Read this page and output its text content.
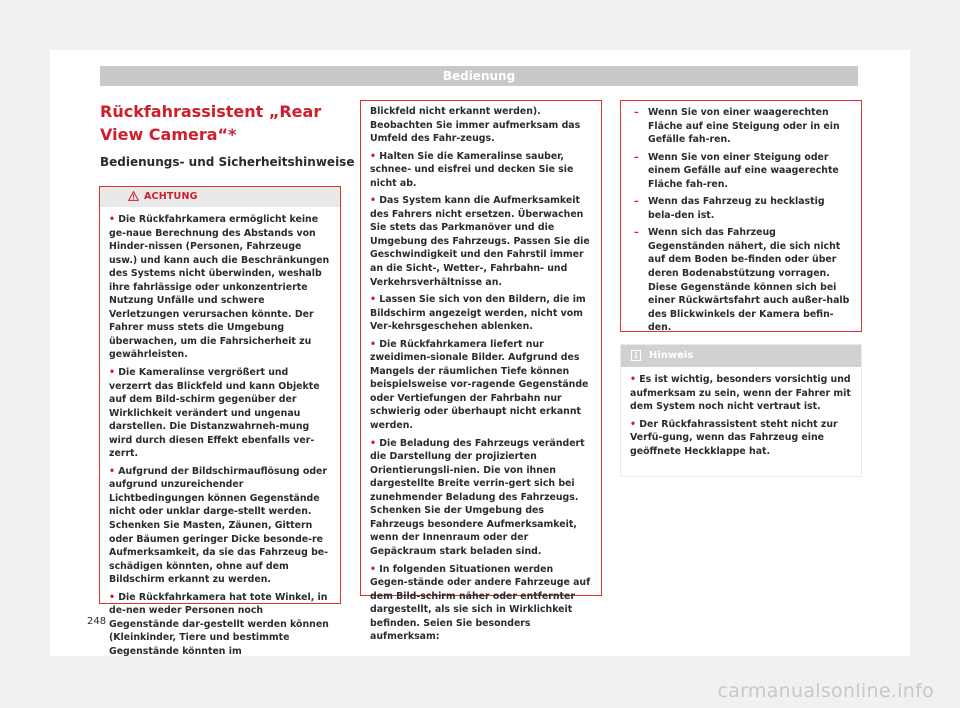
Bedienung
Rückfahrassistent „Rear View Camera“*
Bedienungs- und Sicherheitshinweise
ACHTUNG

• Die Rückfahrkamera ermöglicht keine ge-naue Berechnung des Abstands von Hinder-nissen (Personen, Fahrzeuge usw.) und kann auch die Beschränkungen des Systems nicht überwinden, weshalb ihre fahrlässige oder unkonzentrierte Nutzung Unfälle und schwere Verletzungen verursachen könnte. Der Fahrer muss stets die Umgebung überwachen, um die Fahrsicherheit zu gewährleisten.

• Die Kameralinse vergrößert und verzerrt das Blickfeld und kann Objekte auf dem Bild-schirm gegenüber der Wirklichkeit verändert und ungenau darstellen. Die Distanzwahrneh-mung wird durch diesen Effekt ebenfalls ver-zerrt.

• Aufgrund der Bildschirmauflösung oder aufgrund unzureichender Lichtbedingungen können Gegenstände nicht oder unklar darge-stellt werden. Schenken Sie Masten, Zäunen, Gittern oder Bäumen geringer Dicke besonde-re Aufmerksamkeit, da sie das Fahrzeug be-schädigen könnten, ohne auf dem Bildschirm erkannt zu werden.

• Die Rückfahrkamera hat tote Winkel, in de-nen weder Personen noch Gegenstände dar-gestellt werden können (Kleinkinder, Tiere und bestimmte Gegenstände könnten im

Blickfeld nicht erkannt werden). Beobachten Sie immer aufmerksam das Umfeld des Fahr-zeugs.

• Halten Sie die Kameralinse sauber, schnee- und eisfrei und decken Sie sie nicht ab.

• Das System kann die Aufmerksamkeit des Fahrers nicht ersetzen. Überwachen Sie stets das Parkmanöver und die Umgebung des Fahrzeugs. Passen Sie die Geschwindigkeit und den Fahrstil immer an die Sicht-, Wetter-, Fahrbahn- und Verkehrsverhältnisse an.

• Lassen Sie sich von den Bildern, die im Bildschirm angezeigt werden, nicht vom Ver-kehrsgeschehen ablenken.

• Die Rückfahrkamera liefert nur zweidimen-sionale Bilder. Aufgrund des Mangels der räumlichen Tiefe können beispielsweise vor-ragende Gegenstände oder Vertiefungen der Fahrbahn nur schwierig oder überhaupt nicht erkannt werden.

• Die Beladung des Fahrzeugs verändert die Darstellung der projizierten Orientierungsli-nien. Die von ihnen dargestellte Breite verrin-gert sich bei zunehmender Beladung des Fahrzeugs. Schenken Sie der Umgebung des Fahrzeugs besondere Aufmerksamkeit, wenn der Innenraum oder der Gepäckraum stark beladen sind.

• In folgenden Situationen werden Gegen-stände oder andere Fahrzeuge auf dem Bild-schirm näher oder entfernter dargestellt, als sie sich in Wirklichkeit befinden. Seien Sie besonders aufmerksam:

– Wenn Sie von einer waagerechten Fläche auf eine Steigung oder in ein Gefälle fah-ren.
– Wenn Sie von einer Steigung oder einem Gefälle auf eine waagerechte Fläche fah-ren.
– Wenn das Fahrzeug zu hecklastig bela-den ist.
– Wenn sich das Fahrzeug Gegenständen nähert, die sich nicht auf dem Boden be-finden oder über deren Bodenabstützung vorragen. Diese Gegenstände können sich bei einer Rückwärtsfahrt auch außer-halb des Blickwinkels der Kamera befin-den.
i	Hinweis

• Es ist wichtig, besonders vorsichtig und aufmerksam zu sein, wenn der Fahrer mit dem System noch nicht vertraut ist.

• Der Rückfahrassistent steht nicht zur Verfü-gung, wenn das Fahrzeug eine geöffnete Heckklappe hat.

248
carmanualsonline.info
